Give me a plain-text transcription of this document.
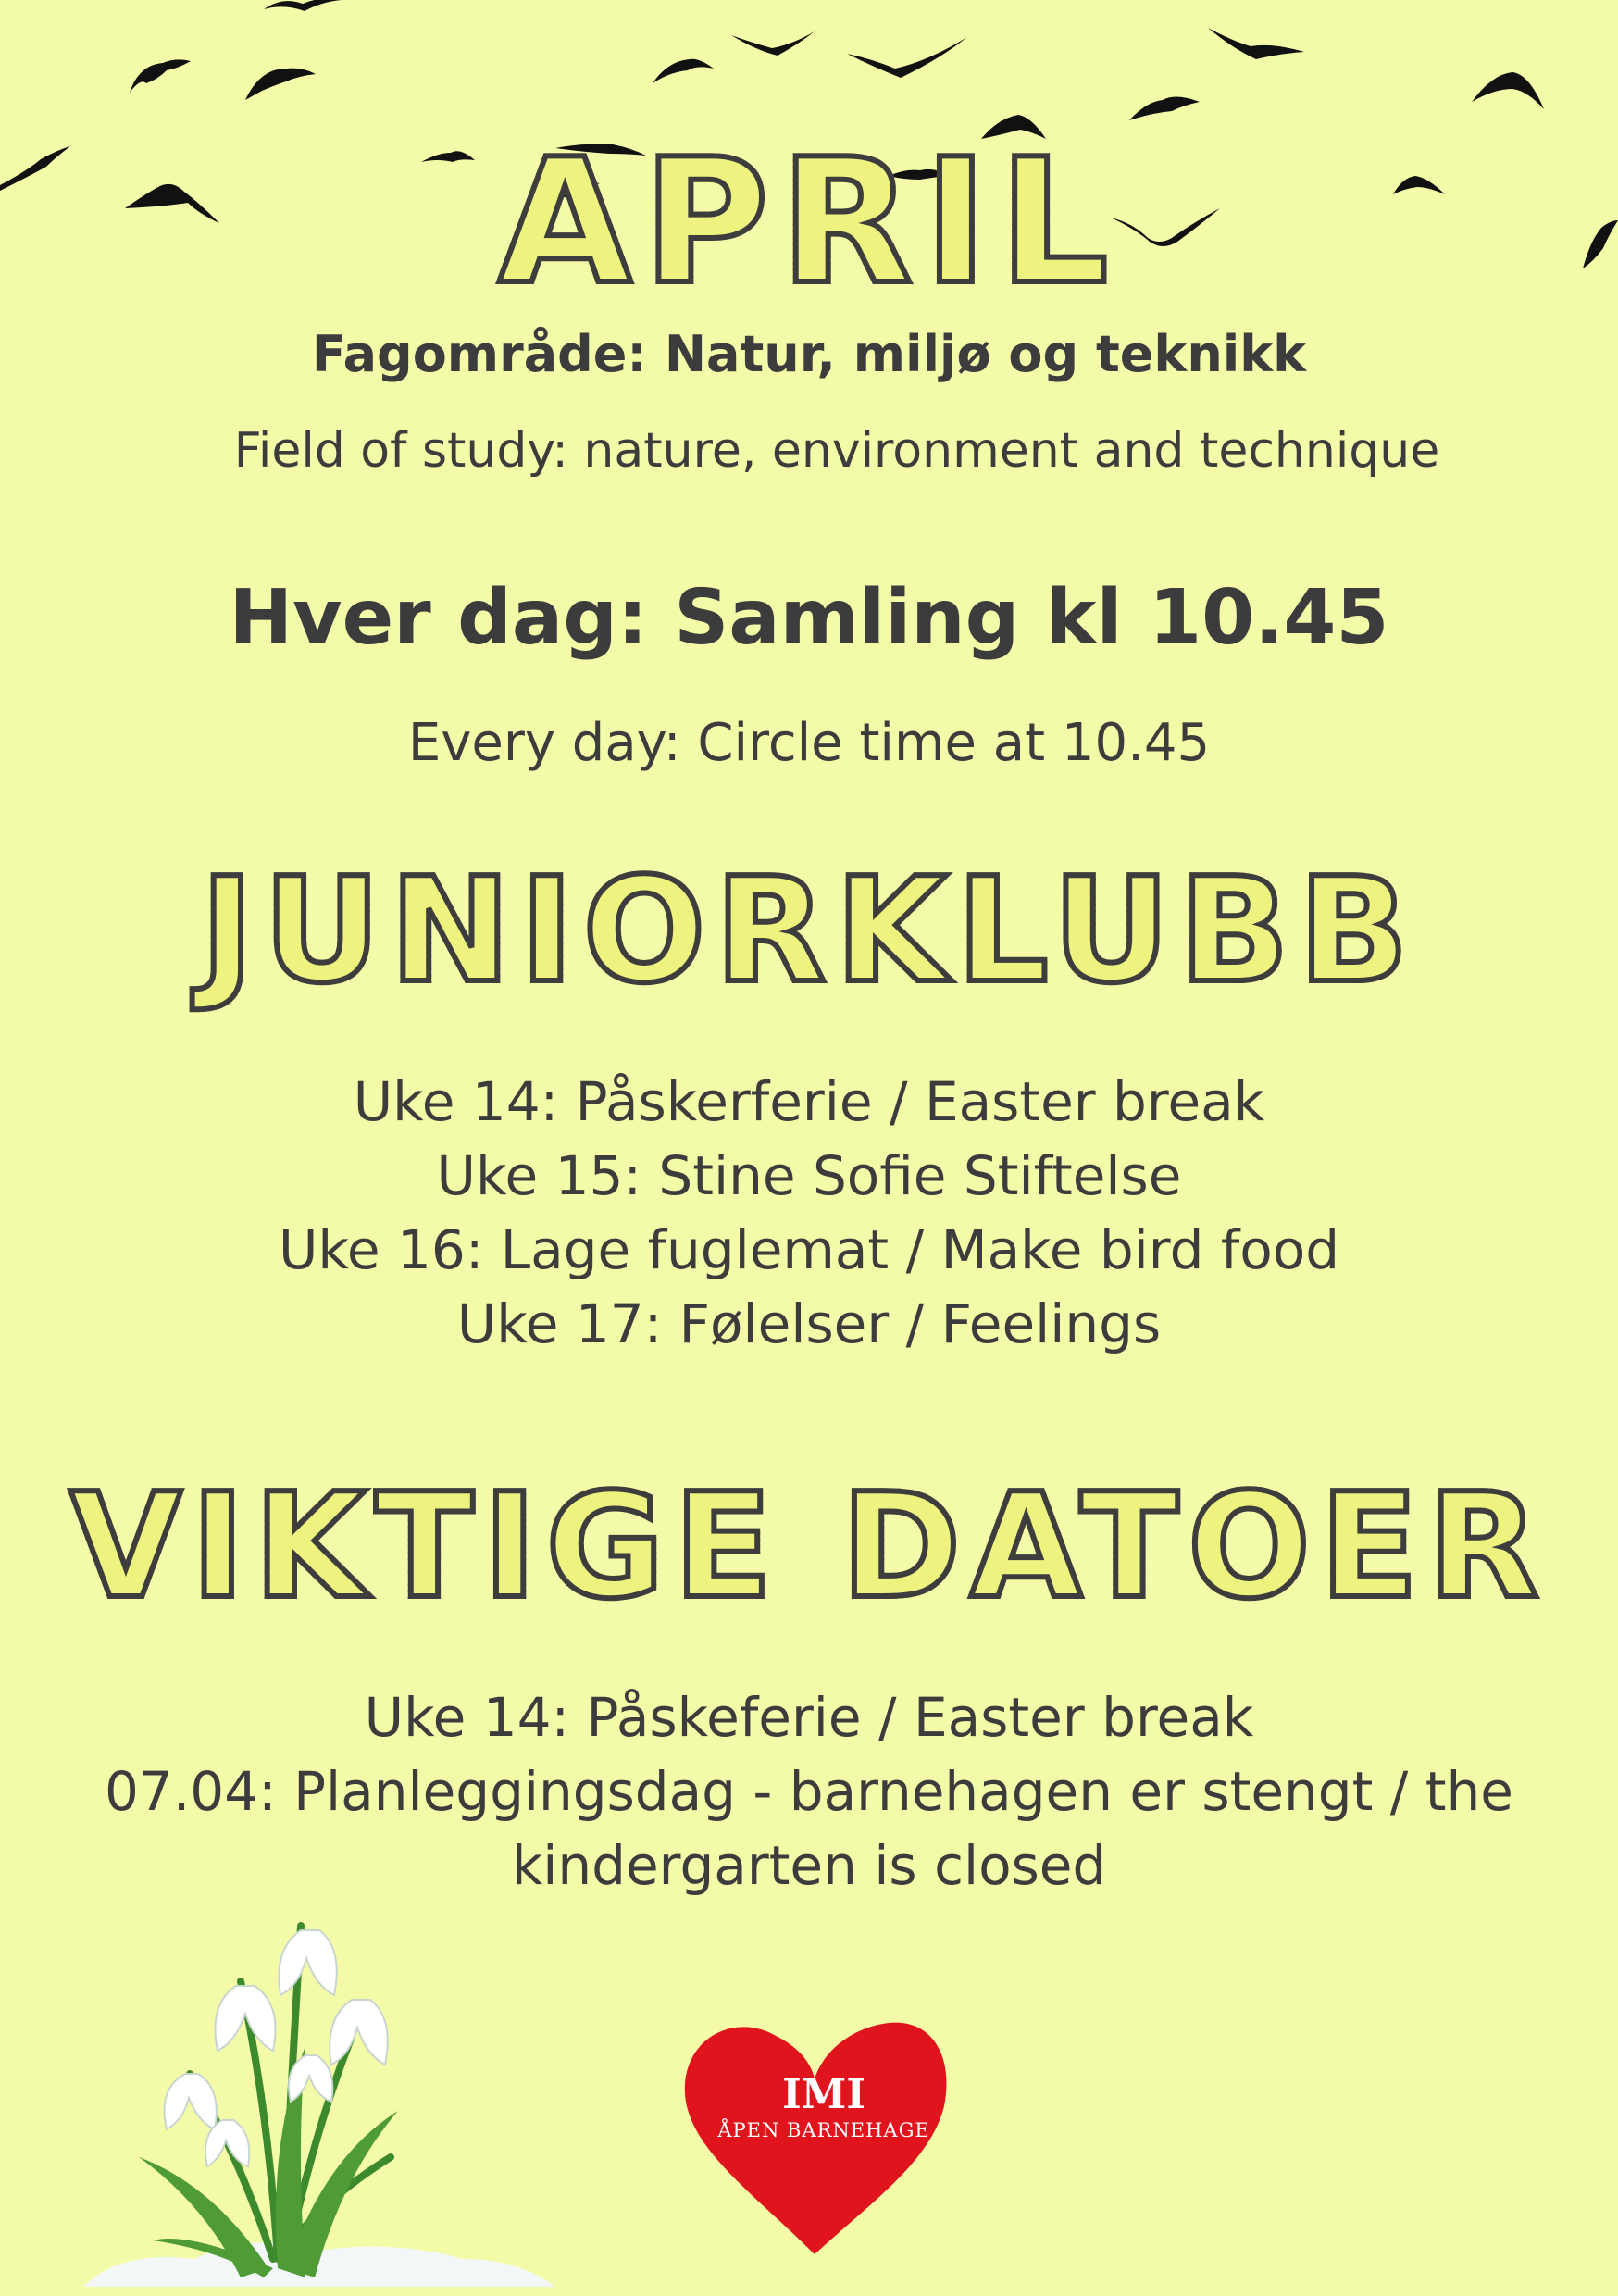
APRIL
Fagområde: Natur, miljø og teknikk
Field of study: nature, environment and technique
Hver dag: Samling kl 10.45
Every day: Circle time at 10.45
JUNIORKLUBB
Uke 14: Påskerferie / Easter break
Uke 15: Stine Sofie Stiftelse
Uke 16: Lage fuglemat / Make bird food
Uke 17: Følelser / Feelings
VIKTIGE DATOER
Uke 14: Påskeferie / Easter break
07.04: Planleggingsdag - barnehagen er stengt / the kindergarten is closed
IMI
ÅPEN BARNEHAGE
